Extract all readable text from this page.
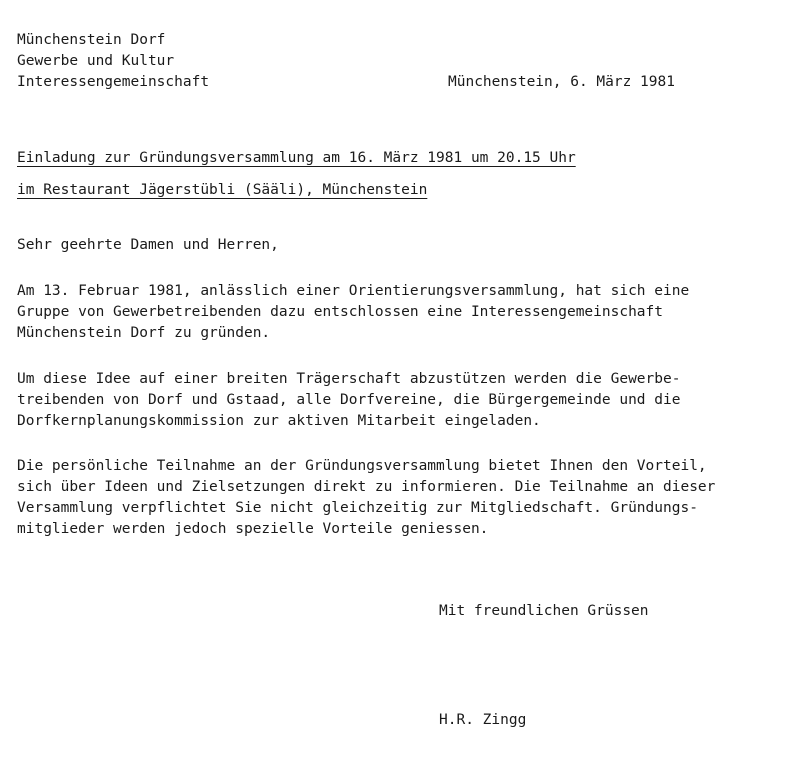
Münchenstein Dorf
Gewerbe und Kultur
Interessengemeinschaft	Münchenstein, 6. März 1981
Einladung zur Gründungsversammlung am 16. März 1981 um 20.15 Uhr
im Restaurant Jägerstübli (Sääli), Münchenstein
Sehr geehrte Damen und Herren,
Am 13. Februar 1981, anlässlich einer Orientierungsversammlung, hat sich eine
Gruppe von Gewerbetreibenden dazu entschlossen eine Interessengemeinschaft
Münchenstein Dorf zu gründen.
Um diese Idee auf einer breiten Trägerschaft abzustützen werden die Gewerbe-
treibenden von Dorf und Gstaad, alle Dorfvereine, die Bürgergemeinde und die
Dorfkernplanungskommission zur aktiven Mitarbeit eingeladen.
Die persönliche Teilnahme an der Gründungsversammlung bietet Ihnen den Vorteil,
sich über Ideen und Zielsetzungen direkt zu informieren. Die Teilnahme an dieser
Versammlung verpflichtet Sie nicht gleichzeitig zur Mitgliedschaft. Gründungs-
mitglieder werden jedoch spezielle Vorteile geniessen.
Mit freundlichen Grüssen
H.R. Zingg
